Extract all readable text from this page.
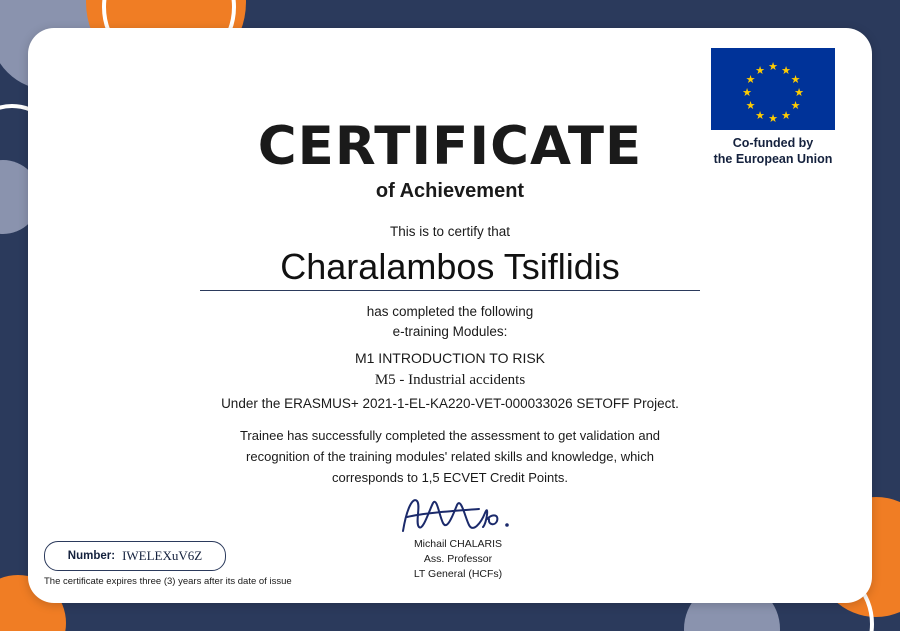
★
★ ★
★	★
★	★
★	★
★ ★
★
Co-funded by
the European Union
CERTIFICATE
of Achievement
This is to certify that
Charalambos Tsiflidis
has completed the following
e-training Modules:
M1 INTRODUCTION TO RISK
M5 - Industrial accidents
Under the ERASMUS+ 2021-1-EL-KA220-VET-000033026 SETOFF Project.
Trainee has successfully completed the assessment to get validation and
recognition of the training modules' related skills and knowledge, which
corresponds to 1,5 ECVET Credit Points.
Michail CHALARIS
Ass. Professor
LT General (HCFs)
Number: IWELEXuV6Z
The certificate expires three (3) years after its date of issue
